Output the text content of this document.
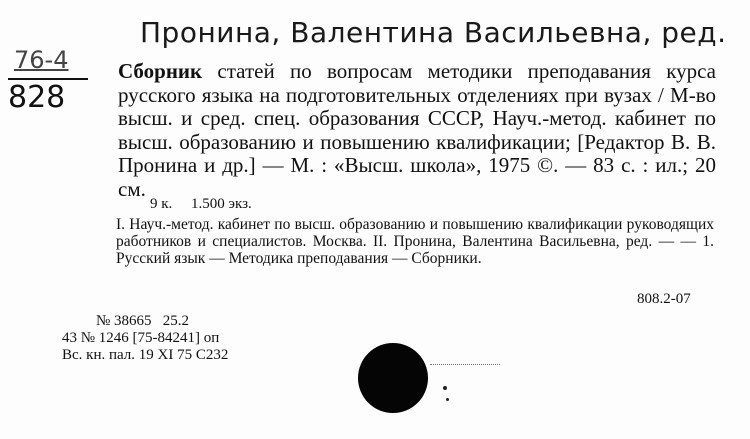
Пронина, Валентина Васильевна, ред.
76-4
828
Сборник статей по вопросам методики преподавания курса русского языка на подготовительных отделениях при вузах / М-во высш. и сред. спец. образования СССР, Науч.-метод. кабинет по высш. образованию и повышению квалификации; [Редактор В. В. Пронина и др.] — М. : «Высш. школа», 1975 ©. — 83 с. : ил.; 20 см.
9 к.     1.500 экз.
I. Науч.-метод. кабинет по высш. образованию и повышению квалификации руководящих работников и специалистов. Москва. II. Пронина, Валентина Васильевна, ред. — — 1. Русский язык — Методика преподавания — Сборники.
808.2-07
№ 38665   25.2
43 № 1246 [75-84241] оп
Вс. кн. пал. 19 XI 75 С232
